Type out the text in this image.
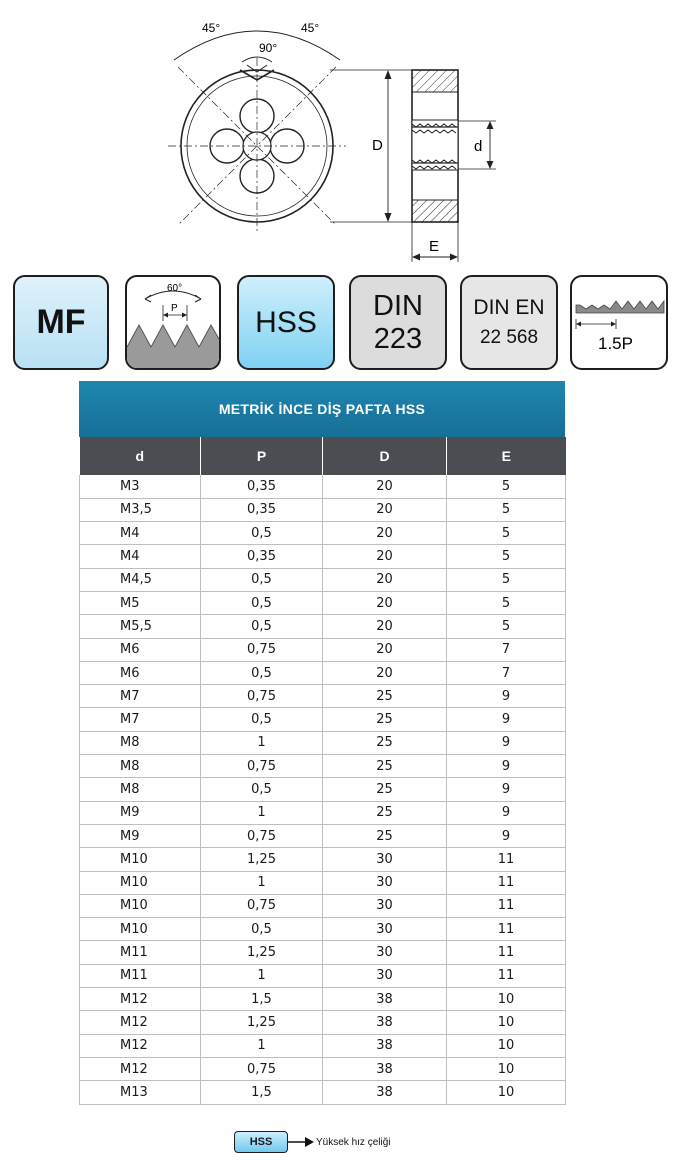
45°	45°
90°
D	d
E
MF
60°
P	HSS DIN
223
DIN EN
22 568	1.5P
METRİK İNCE DİŞ PAFTA HSS
d	P	D	E
M3	0,35	20	5
M3,5	0,35	20	5
M4	0,5	20	5
M4	0,35	20	5
M4,5	0,5	20	5
M5	0,5	20	5
M5,5	0,5	20	5
M6	0,75	20	7
M6	0,5	20	7
M7	0,75	25	9
M7	0,5	25	9
M8	1	25	9
M8	0,75	25	9
M8	0,5	25	9
M9	1	25	9
M9	0,75	25	9
M10	1,25	30	11
M10	1	30	11
M10	0,75	30	11
M10	0,5	30	11
M11	1,25	30	11
M11	1	30	11
M12	1,5	38	10
M12	1,25	38	10
M12	1	38	10
M12	0,75	38	10
M13	1,5	38	10
HSS	Yüksek hız çeliği
